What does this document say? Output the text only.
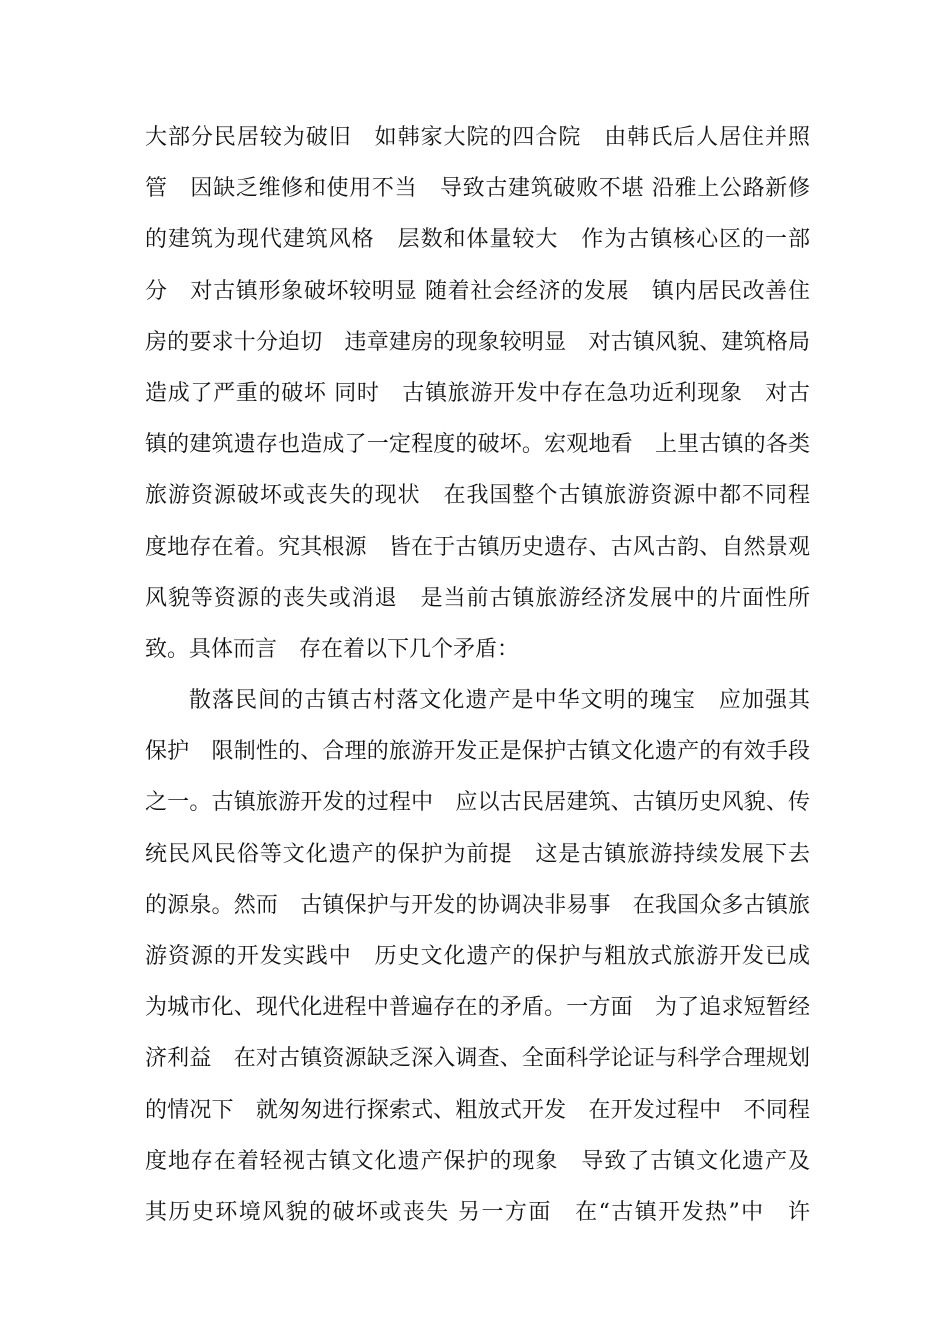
大部分民居较为破旧　如韩家大院的四合院　由韩氏后人居住并照
管　因缺乏维修和使用不当　导致古建筑破败不堪 沿雅上公路新修
的建筑为现代建筑风格　层数和体量较大　作为古镇核心区的一部
分　对古镇形象破坏较明显 随着社会经济的发展　镇内居民改善住
房的要求十分迫切　违章建房的现象较明显　对古镇风貌、建筑格局
造成了严重的破坏 同时　古镇旅游开发中存在急功近利现象　对古
镇的建筑遗存也造成了一定程度的破坏。宏观地看　上里古镇的各类
旅游资源破坏或丧失的现状　在我国整个古镇旅游资源中都不同程
度地存在着。究其根源　皆在于古镇历史遗存、古风古韵、自然景观
风貌等资源的丧失或消退　是当前古镇旅游经济发展中的片面性所
致。具体而言　存在着以下几个矛盾：
散落民间的古镇古村落文化遗产是中华文明的瑰宝　应加强其
保护　限制性的、合理的旅游开发正是保护古镇文化遗产的有效手段
之一。古镇旅游开发的过程中　应以古民居建筑、古镇历史风貌、传
统民风民俗等文化遗产的保护为前提　这是古镇旅游持续发展下去
的源泉。然而　古镇保护与开发的协调决非易事　在我国众多古镇旅
游资源的开发实践中　历史文化遗产的保护与粗放式旅游开发已成
为城市化、现代化进程中普遍存在的矛盾。一方面　为了追求短暂经
济利益　在对古镇资源缺乏深入调查、全面科学论证与科学合理规划
的情况下　就匆匆进行探索式、粗放式开发　在开发过程中　不同程
度地存在着轻视古镇文化遗产保护的现象　导致了古镇文化遗产及
其历史环境风貌的破坏或丧失 另一方面　在“古镇开发热”中　许
